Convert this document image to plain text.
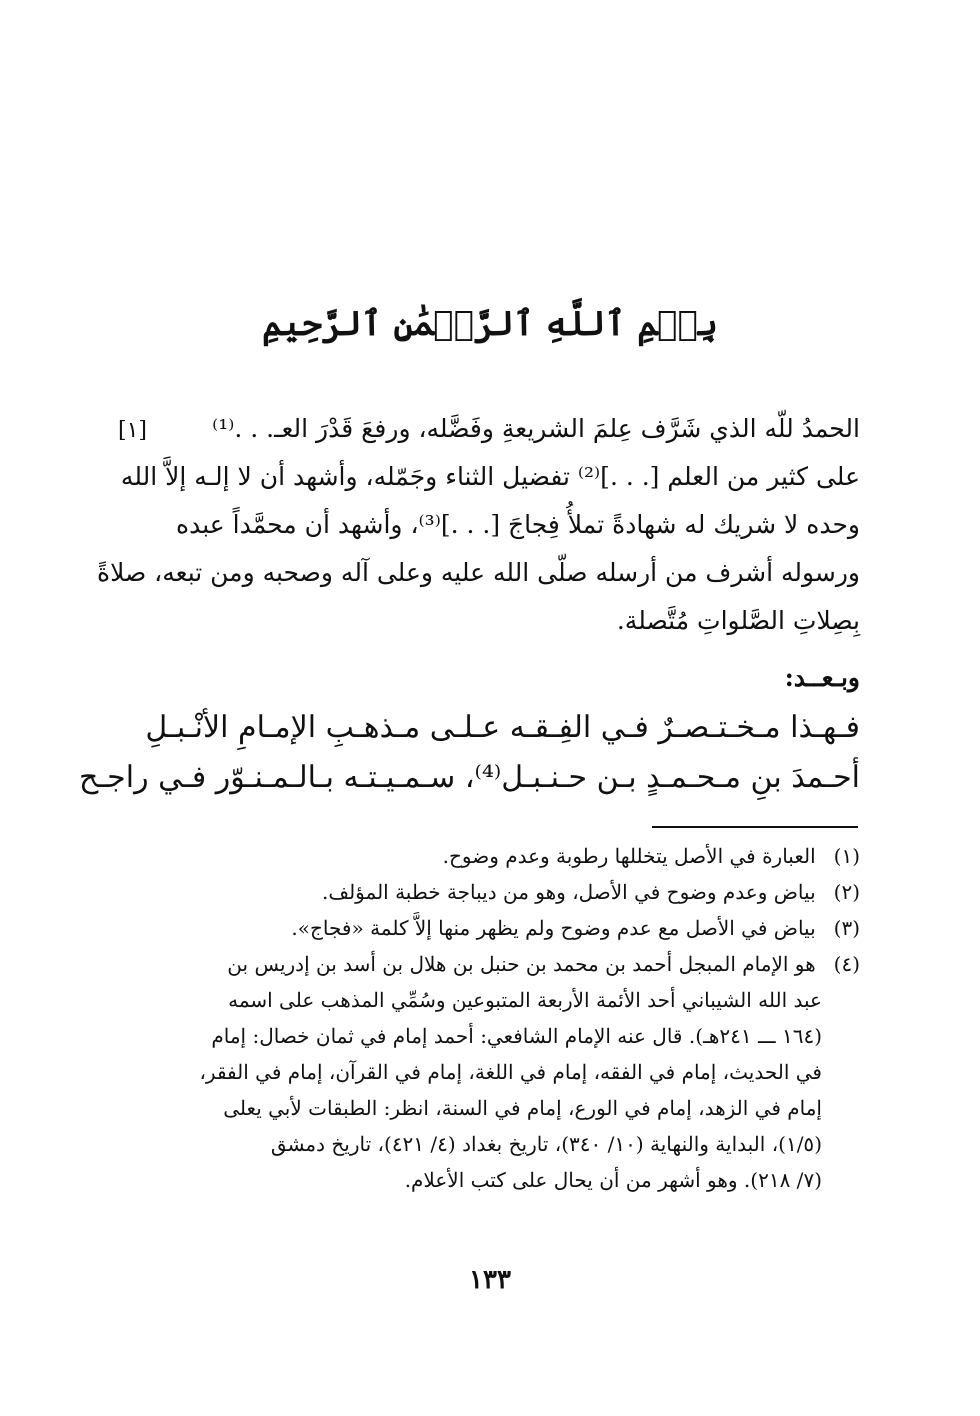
بِسۡمِ ٱللَّهِ ٱلرَّحۡمَٰنِ ٱلرَّحِيمِ
[١]	الحمدُ للّه الذي شَرَّف عِلمَ الشريعةِ وفَضَّله، ورفعَ قَدْرَ العـ. . .⁽¹⁾
على كثير من العلم [. . .]⁽²⁾ تفضيل الثناء وجَمّله، وأشهد أن لا إلـه إلاَّ الله
وحده لا شريك له شهادةً تملأُ فِجاجَ [. . .]⁽³⁾، وأشهد أن محمَّداً عبده
ورسوله أشرف من أرسله صلّى الله عليه وعلى آله وصحبه ومن تبعه، صلاةً
بِصِلاتِ الصَّلواتِ مُتَّصلة.
وبـعــد:
فـهـذا مـخـتـصـرٌ فـي الفِـقـه عـلـى مـذهـبِ الإمـامِ الأنْـبـلِ
أحـمدَ بنِ مـحـمـدٍ بـن حـنـبـل⁽⁴⁾، سـمـيـتـه بـالـمـنـوّر فـي راجـح
(١) العبارة في الأصل يتخللها رطوبة وعدم وضوح.
(٢) بياض وعدم وضوح في الأصل، وهو من ديباجة خطبة المؤلف.
(٣) بياض في الأصل مع عدم وضوح ولم يظهر منها إلاَّ كلمة «فجاج».
(٤) هو الإمام المبجل أحمد بن محمد بن حنبل بن هلال بن أسد بن إدريس بن
عبد الله الشيباني أحد الأئمة الأربعة المتبوعين وسُمِّي المذهب على اسمه
(١٦٤ ـــ ٢٤١هـ). قال عنه الإمام الشافعي: أحمد إمام في ثمان خصال: إمام
في الحديث، إمام في الفقه، إمام في اللغة، إمام في القرآن، إمام في الفقر،
إمام في الزهد، إمام في الورع، إمام في السنة، انظر: الطبقات لأبي يعلى
(١/٥)، البداية والنهاية (١٠/ ٣٤٠)، تاريخ بغداد (٤/ ٤٢١)، تاريخ دمشق
(٧/ ٢١٨). وهو أشهر من أن يحال على كتب الأعلام.
١٣٣
